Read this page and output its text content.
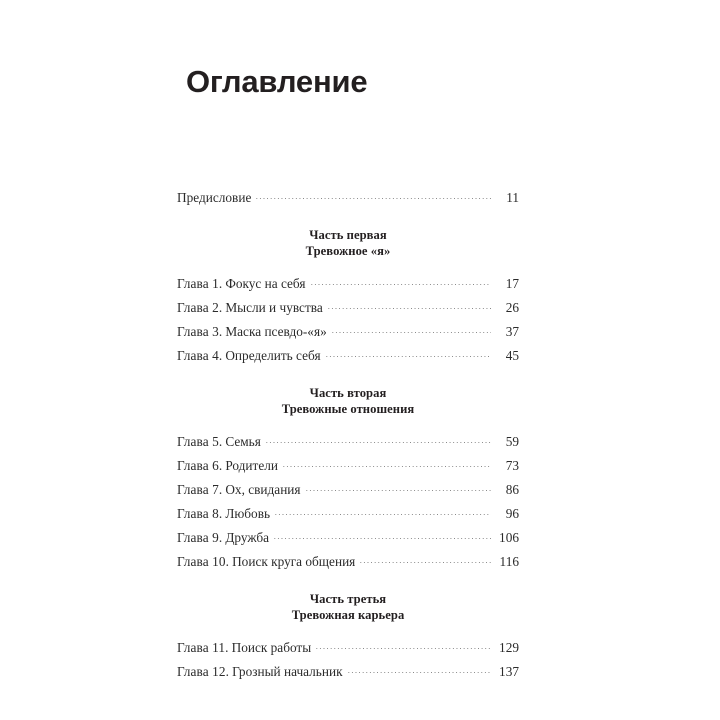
Оглавление
Предисловие	11
Часть первая
Тревожное «я»
Глава 1. Фокус на себя	17
Глава 2. Мысли и чувства	26
Глава 3. Маска псевдо-«я»	37
Глава 4. Определить себя	45
Часть вторая
Тревожные отношения
Глава 5. Семья	59
Глава 6. Родители	73
Глава 7. Ох, свидания	86
Глава 8. Любовь	96
Глава 9. Дружба	106
Глава 10. Поиск круга общения	116
Часть третья
Тревожная карьера
Глава 11. Поиск работы	129
Глава 12. Грозный начальник	137
